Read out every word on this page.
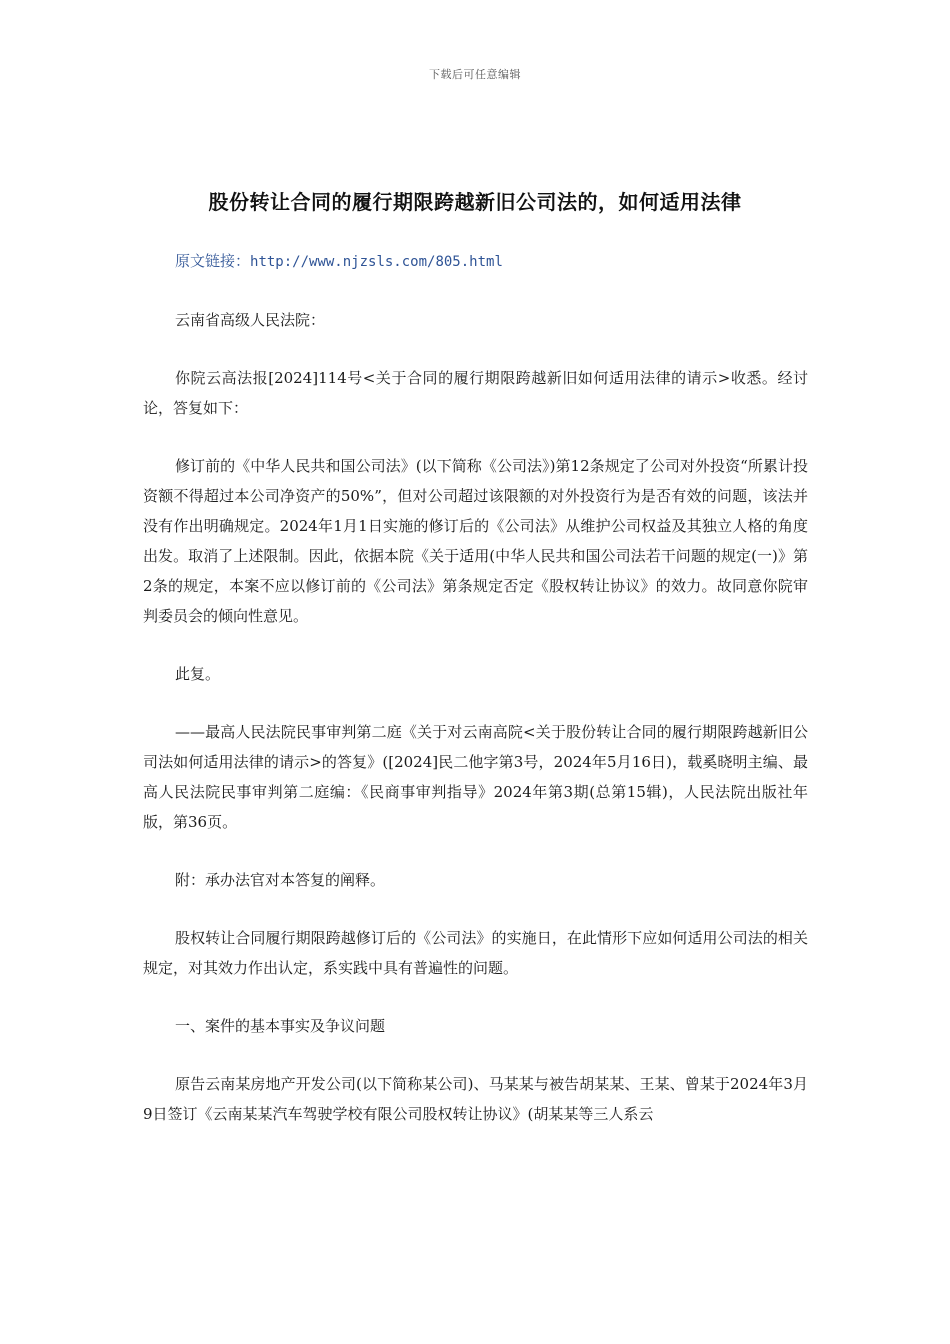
下载后可任意编辑
股份转让合同的履行期限跨越新旧公司法的，如何适用法律

原文链接：http://www.njzsls.com/805.html

云南省高级人民法院：

你院云高法报[2024]114号<关于合同的履行期限跨越新旧如何适用法律的请示>收悉。经讨论，答复如下：

修订前的《中华人民共和国公司法》(以下简称《公司法》)第12条规定了公司对外投资“所累计投资额不得超过本公司净资产的50%”，但对公司超过该限额的对外投资行为是否有效的问题，该法并没有作出明确规定。2024年1月1日实施的修订后的《公司法》从维护公司权益及其独立人格的角度出发。取消了上述限制。因此，依据本院《关于适用(中华人民共和国公司法若干问题的规定(一)》第2条的规定，本案不应以修订前的《公司法》第条规定否定《股权转让协议》的效力。故同意你院审判委员会的倾向性意见。

此复。

——最高人民法院民事审判第二庭《关于对云南高院<关于股份转让合同的履行期限跨越新旧公司法如何适用法律的请示>的答复》([2024]民二他字第3号，2024年5月16日)，载奚晓明主编、最高人民法院民事审判第二庭编：《民商事审判指导》2024年第3期(总第15辑)，人民法院出版社年版，第36页。

附：承办法官对本答复的阐释。

股权转让合同履行期限跨越修订后的《公司法》的实施日，在此情形下应如何适用公司法的相关规定，对其效力作出认定，系实践中具有普遍性的问题。

一、案件的基本事实及争议问题

原告云南某房地产开发公司(以下简称某公司)、马某某与被告胡某某、王某、曾某于2024年3月9日签订《云南某某汽车驾驶学校有限公司股权转让协议》(胡某某等三人系云
